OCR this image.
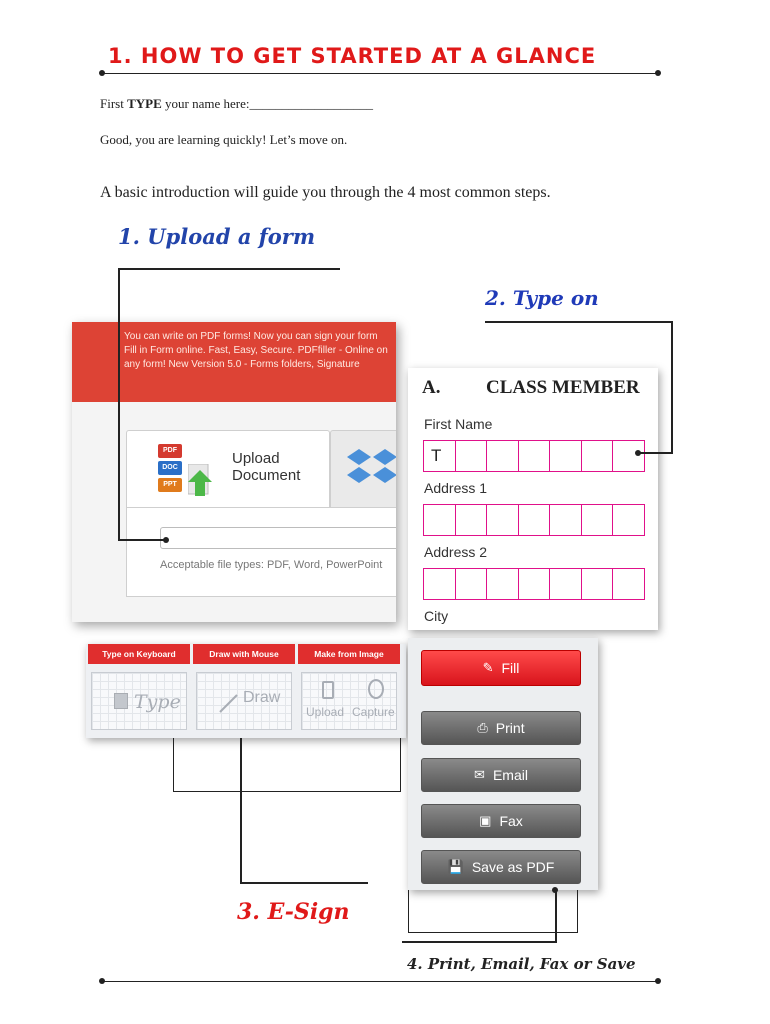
1. HOW TO GET STARTED AT A GLANCE
First TYPE your name here:___________________
Good, you are learning quickly! Let’s move on.
A basic introduction will guide you through the 4 most common steps.
1. Upload a form
2. Type on
You can write on PDF forms! Now you can sign your form Fill in Form online. Fast, Easy, Secure. PDFfiller - Online on any form! New Version 5.0 - Forms folders, Signature
PDF
DOC
PPT
Upload Document
Acceptable file types: PDF, Word, PowerPoint
A. CLASS MEMBER
First Name
T
Address 1
Address 2
City
Type on Keyboard
Type
Draw with Mouse
Draw
Make from Image
Upload Capture
✎ Fill
⎙ Print
✉ Email
▣ Fax
💾 Save as PDF
3. E-Sign
4. Print, Email, Fax or Save
